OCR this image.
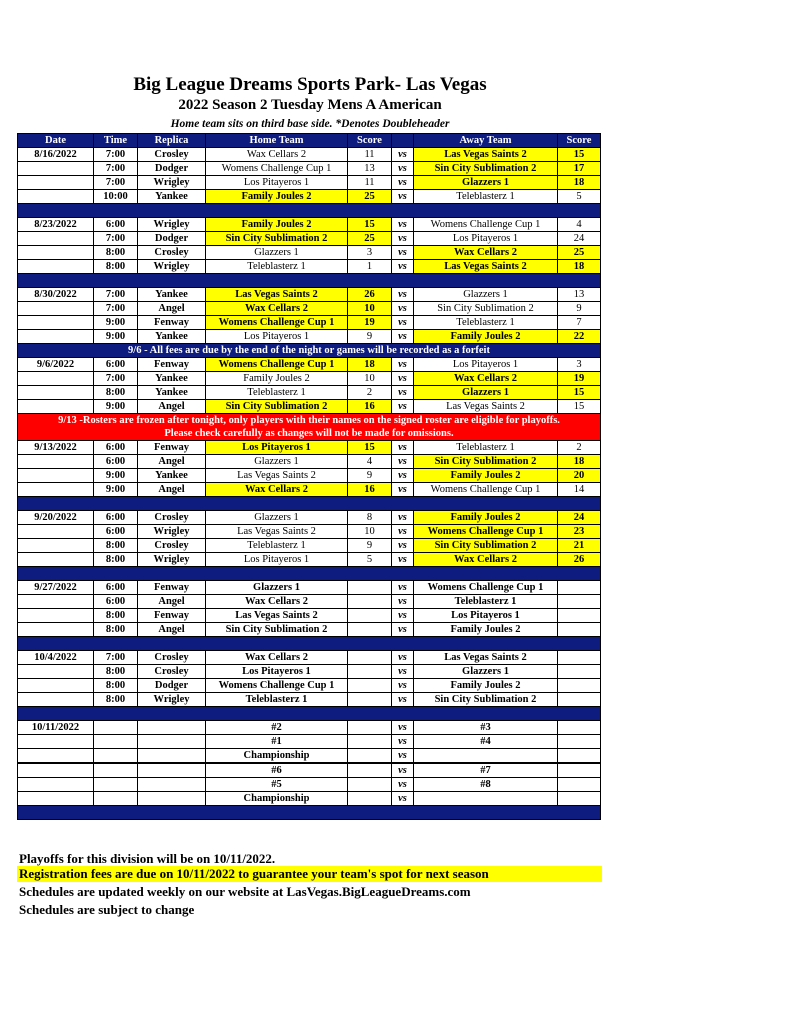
Big League Dreams Sports Park- Las Vegas
2022 Season 2 Tuesday Mens A American
Home team sits on third base side. *Denotes Doubleheader
Date	Time	Replica	Home Team	Score		Away Team	Score
8/16/2022	7:00	Crosley	Wax Cellars 2	11	vs	Las Vegas Saints 2	15
	7:00	Dodger	Womens Challenge Cup 1	13	vs	Sin City Sublimation 2	17
	7:00	Wrigley	Los Pitayeros 1	11	vs	Glazzers 1	18
	10:00	Yankee	Family Joules 2	25	vs	Teleblasterz 1	5

8/23/2022	6:00	Wrigley	Family Joules 2	15	vs	Womens Challenge Cup 1	4
	7:00	Dodger	Sin City Sublimation 2	25	vs	Los Pitayeros 1	24
	8:00	Crosley	Glazzers 1	3	vs	Wax Cellars 2	25
	8:00	Wrigley	Teleblasterz 1	1	vs	Las Vegas Saints 2	18

8/30/2022	7:00	Yankee	Las Vegas Saints 2	26	vs	Glazzers 1	13
	7:00	Angel	Wax Cellars 2	10	vs	Sin City Sublimation 2	9
	9:00	Fenway	Womens Challenge Cup 1	19	vs	Teleblasterz 1	7
	9:00	Yankee	Los Pitayeros 1	9	vs	Family Joules 2	22
9/6 - All fees are due by the end of the night or games will be recorded as a forfeit							
9/6/2022	6:00	Fenway	Womens Challenge Cup 1	18	vs	Los Pitayeros 1	3
	7:00	Yankee	Family Joules 2	10	vs	Wax Cellars 2	19
	8:00	Yankee	Teleblasterz 1	2	vs	Glazzers 1	15
	9:00	Angel	Sin City Sublimation 2	16	vs	Las Vegas Saints 2	15

9/13 -Rosters are frozen after tonight, only players with their names on the signed roster are eligible for playoffs.
Please check carefully as changes will not be made for omissions.							

9/13/2022	6:00	Fenway	Los Pitayeros 1	15	vs	Teleblasterz 1	2
	6:00	Angel	Glazzers 1	4	vs	Sin City Sublimation 2	18
	9:00	Yankee	Las Vegas Saints 2	9	vs	Family Joules 2	20
	9:00	Angel	Wax Cellars 2	16	vs	Womens Challenge Cup 1	14

9/20/2022	6:00	Crosley	Glazzers 1	8	vs	Family Joules 2	24
	6:00	Wrigley	Las Vegas Saints 2	10	vs	Womens Challenge Cup 1	23
	8:00	Crosley	Teleblasterz 1	9	vs	Sin City Sublimation 2	21
	8:00	Wrigley	Los Pitayeros 1	5	vs	Wax Cellars 2	26

9/27/2022	6:00	Fenway	Glazzers 1		vs	Womens Challenge Cup 1	
	6:00	Angel	Wax Cellars 2		vs	Teleblasterz 1	
	8:00	Fenway	Las Vegas Saints 2		vs	Los Pitayeros 1	
	8:00	Angel	Sin City Sublimation 2		vs	Family Joules 2	

10/4/2022	7:00	Crosley	Wax Cellars 2		vs	Las Vegas Saints 2	
	8:00	Crosley	Los Pitayeros 1		vs	Glazzers 1	
	8:00	Dodger	Womens Challenge Cup 1		vs	Family Joules 2	
	8:00	Wrigley	Teleblasterz 1		vs	Sin City Sublimation 2	

10/11/2022			#2		vs	#3	
			#1		vs	#4	
			Championship		vs		
			#6		vs	#7	
			#5		vs	#8	
			Championship		vs		

Playoffs for this division will be on 10/11/2022.
Registration fees are due on 10/11/2022 to guarantee your team's spot for next season
Schedules are updated weekly on our website at LasVegas.BigLeagueDreams.com
Schedules are subject to change
